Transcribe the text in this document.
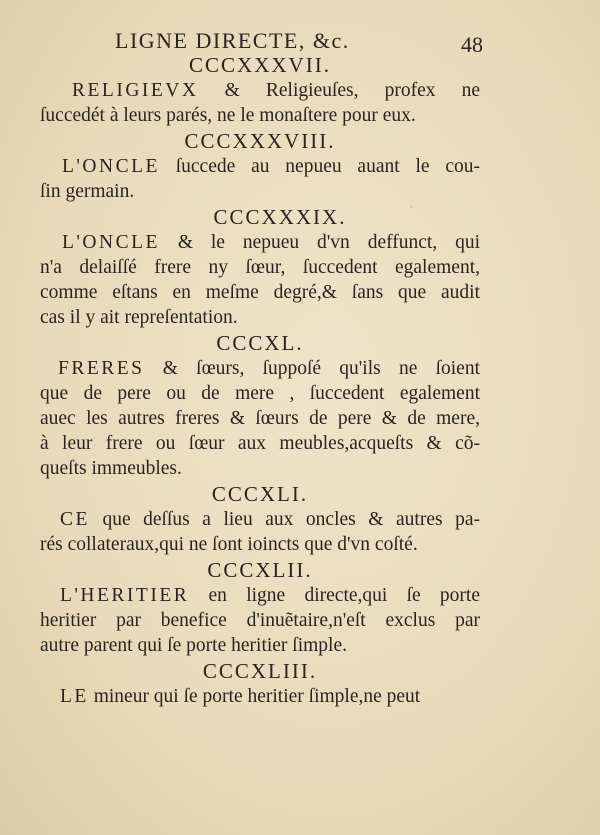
LIGNE DIRECTE, &c.	48
CCCXXXVII.
RELIGIEVX & Religieuſes, profex ne
ſuccedét à leurs parés, ne le monaſtere pour eux.
CCCXXXVIII.
L'ONCLE ſuccede au nepueu auant le cou-
ſin germain.
CCCXXXIX.
L'ONCLE & le nepueu d'vn deffunct, qui
n'a delaiſſé frere ny ſœur, ſuccedent egalement,
comme eſtans en meſme degré,& ſans que audit
cas il y ait repreſentation.
CCCXL.
FRERES & ſœurs, ſuppoſé qu'ils ne ſoient
que de pere ou de mere , ſuccedent egalement
auec les autres freres & ſœurs de pere & de mere,
à leur frere ou ſœur aux meubles,acqueſts & cõ-
queſts immeubles.
CCCXLI.
CE que deſſus a lieu aux oncles & autres pa-
rés collateraux,qui ne ſont ioincts que d'vn coſté.
CCCXLII.
L'HERITIER en ligne directe,qui ſe porte
heritier par benefice d'inuẽtaire,n'eſt exclus par
autre parent qui ſe porte heritier ſimple.
CCCXLIII.
LE mineur qui ſe porte heritier ſimple,ne peut
